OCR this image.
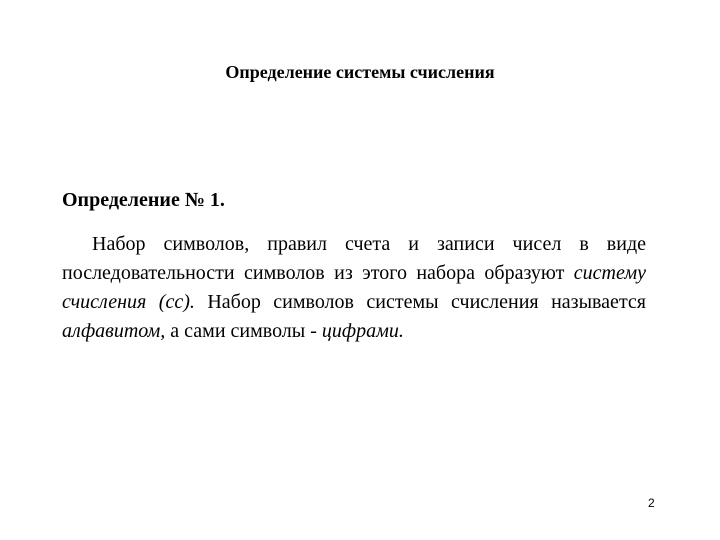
Определение системы счисления
Определение № 1.

Набор символов, правил счета и записи чисел в виде последовательности символов из этого набора образуют систему счисления (сс). Набор символов системы счисления называется алфавитом, а сами символы - цифрами.

2
